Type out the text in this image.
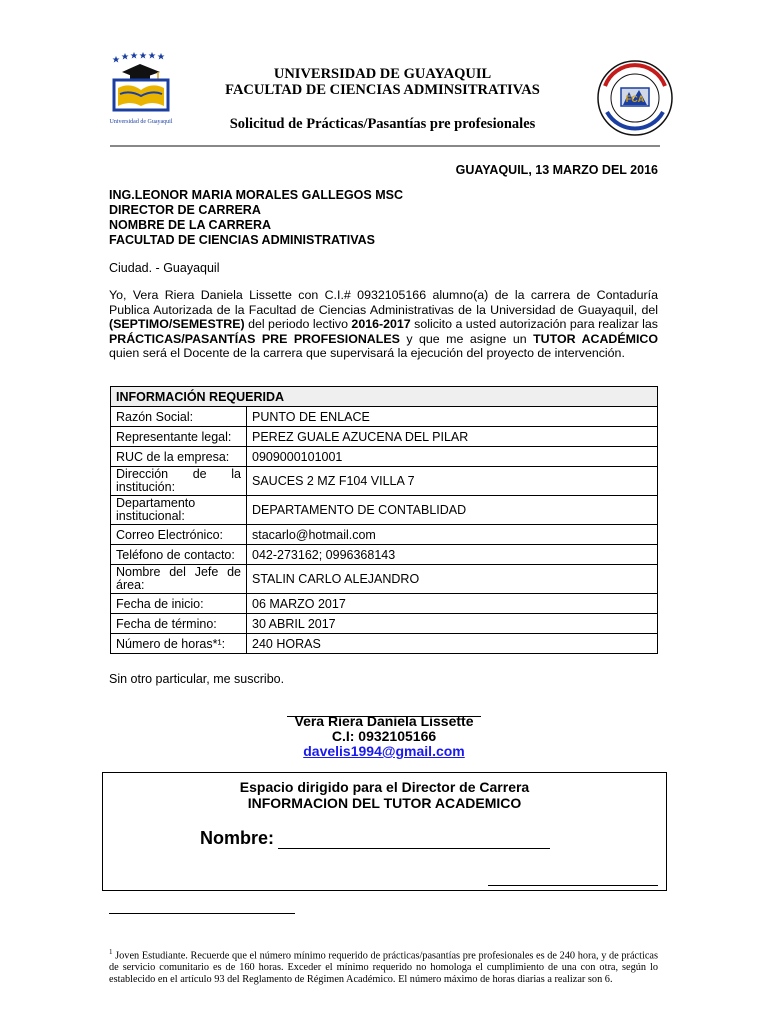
Universidad de Guayaquil
FCA
UNIVERSIDAD DE GUAYAQUIL
FACULTAD DE CIENCIAS ADMINSITRATIVAS
Solicitud de Prácticas/Pasantías pre profesionales
GUAYAQUIL, 13 MARZO DEL 2016
ING.LEONOR MARIA MORALES GALLEGOS MSC
DIRECTOR DE CARRERA
NOMBRE DE LA CARRERA
FACULTAD DE CIENCIAS ADMINISTRATIVAS
Ciudad. - Guayaquil
Yo, Vera Riera Daniela Lissette con C.I.# 0932105166 alumno(a) de la carrera de Contaduría Publica Autorizada de la Facultad de Ciencias Administrativas de la Universidad de Guayaquil, del (SEPTIMO/SEMESTRE) del periodo lectivo 2016-2017 solicito a usted autorización para realizar las PRÁCTICAS/PASANTÍAS PRE PROFESIONALES y que me asigne un TUTOR ACADÉMICO quien será el Docente de la carrera que supervisará la ejecución del proyecto de intervención.
INFORMACIÓN REQUERIDA	
Razón Social:	PUNTO DE ENLACE
Representante legal:	PEREZ GUALE AZUCENA DEL PILAR
RUC de la empresa:	0909000101001
Dirección de la institución:	SAUCES 2 MZ F104 VILLA 7
Departamento institucional:	DEPARTAMENTO DE CONTABLIDAD
Correo Electrónico:	stacarlo@hotmail.com
Teléfono de contacto:	042-273162; 0996368143
Nombre del Jefe de área:	STALIN CARLO ALEJANDRO
Fecha de inicio:	06 MARZO 2017
Fecha de término:	30 ABRIL 2017
Número de horas*¹:	240 HORAS
Sin otro particular, me suscribo.
Vera Riera Daniela Lissette
C.I: 0932105166
davelis1994@gmail.com
Espacio dirigido para el Director de Carrera
INFORMACION DEL TUTOR ACADEMICO
Nombre:
$^1$ Joven Estudiante. Recuerde que el número mínimo requerido de prácticas/pasantías pre profesionales es de 240 hora, y de prácticas de servicio comunitario es de 160 horas. Exceder el mínimo requerido no homologa el cumplimiento de una con otra, según lo establecido en el artículo 93 del Reglamento de Régimen Académico. El número máximo de horas diarias a realizar son 6.
